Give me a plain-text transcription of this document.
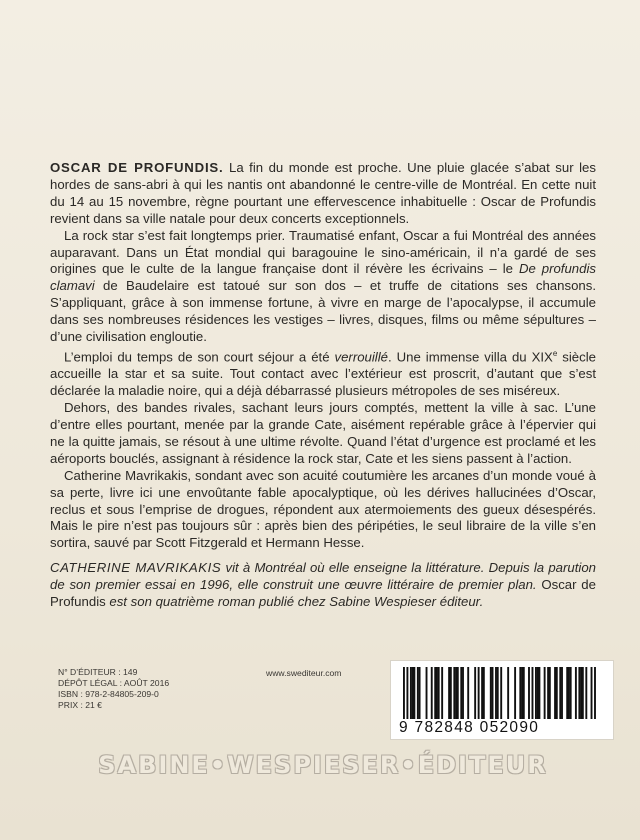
OSCAR DE PROFUNDIS. La fin du monde est proche. Une pluie glacée s’abat sur les hordes de sans-abri à qui les nantis ont abandonné le centre-ville de Montréal. En cette nuit du 14 au 15 novembre, règne pourtant une effervescence inhabituelle : Oscar de Profundis revient dans sa ville natale pour deux concerts exceptionnels.

La rock star s’est fait longtemps prier. Traumatisé enfant, Oscar a fui Montréal des années auparavant. Dans un État mondial qui baragouine le sino-américain, il n’a gardé de ses origines que le culte de la langue française dont il révère les écrivains – le De profundis clamavi de Baudelaire est tatoué sur son dos – et truffe de citations ses chansons. S’appliquant, grâce à son immense fortune, à vivre en marge de l’apocalypse, il accumule dans ses nombreuses résidences les vestiges – livres, disques, films ou même sépultures – d’une civilisation engloutie.

L’emploi du temps de son court séjour a été verrouillé. Une immense villa du XIXe siècle accueille la star et sa suite. Tout contact avec l’extérieur est proscrit, d’autant que s’est déclarée la maladie noire, qui a déjà débarrassé plusieurs métropoles de ses miséreux.

Dehors, des bandes rivales, sachant leurs jours comptés, mettent la ville à sac. L’une d’entre elles pourtant, menée par la grande Cate, aisément repérable grâce à l’épervier qui ne la quitte jamais, se résout à une ultime révolte. Quand l’état d’urgence est proclamé et les aéroports bouclés, assignant à résidence la rock star, Cate et les siens passent à l’action.

Catherine Mavrikakis, sondant avec son acuité coutumière les arcanes d’un monde voué à sa perte, livre ici une envoûtante fable apocalyptique, où les dérives hallucinées d’Oscar, reclus et sous l’emprise de drogues, répondent aux atermoiements des gueux désespérés. Mais le pire n’est pas toujours sûr : après bien des péripéties, le seul libraire de la ville s’en sortira, sauvé par Scott Fitzgerald et Hermann Hesse.

CATHERINE MAVRIKAKIS vit à Montréal où elle enseigne la littérature. Depuis la parution de son premier essai en 1996, elle construit une œuvre littéraire de premier plan. Oscar de Profundis est son quatrième roman publié chez Sabine Wespieser éditeur.
N° D’ÉDITEUR : 149
DÉPÔT LÉGAL : AOÛT 2016
ISBN : 978-2-84805-209-0
PRIX : 21 €
www.swediteur.com
9 782848 052090
SABINE•WESPIESER•ÉDITEUR
